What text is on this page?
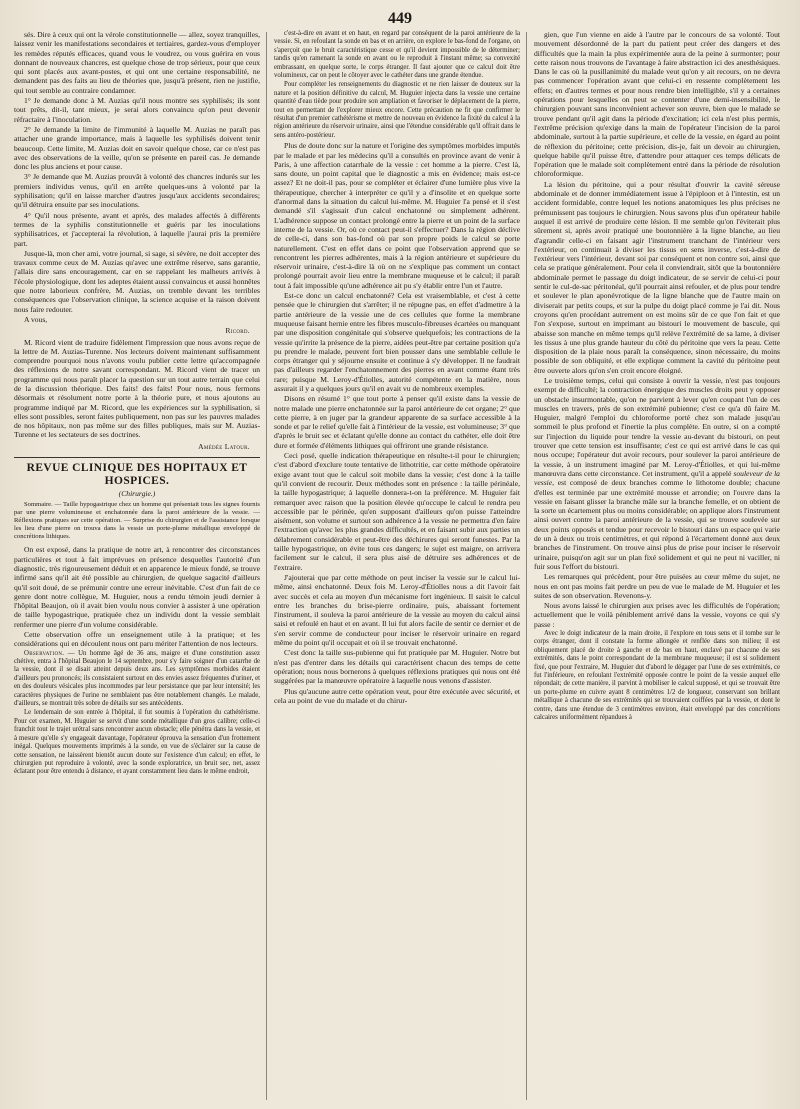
449

sés. Dire à ceux qui ont la vérole constitutionnelle — allez, soyez tranquilles, laissez venir les manifestations secondaires et tertiaires, gardez-vous d'employer les remèdes réputés efficaces, quand vous le voudrez, ou vous guérira en vous donnant de nouveaux chancres, est quelque chose de trop sérieux, pour que ceux qui sont placés aux avant-postes, et qui ont une certaine responsabilité, ne demandent pas des faits au lieu de théories que, jusqu'à présent, rien ne justifie, qui tout semble au contraire condamner.

1° Je demande donc à M. Auzias qu'il nous montre ses syphilisés; ils sont tout prêts, dit-il, tant mieux, je serai alors convaincu qu'on peut devenir réfractaire à l'inoculation.

2° Je demande la limite de l'immunité à laquelle M. Auzias ne paraît pas attacher une grande importance, mais à laquelle les syphilisés doivent tenir beaucoup. Cette limite, M. Auzias doit en savoir quelque chose, car ce n'est pas avec des observations de la veille, qu'on se présente en pareil cas. Je demande donc les plus anciens et pour cause.

3° Je demande que M. Auzias prouvât à volonté des chancres indurés sur les premiers individus venus, qu'il en arrête quelques-uns à volonté par la syphilisation; qu'il en laisse marcher d'autres jusqu'aux accidents secondaires; qu'il détruira ensuite par ses inoculations.

4° Qu'il nous présente, avant et après, des malades affectés à différents termes de la syphilis constitutionnelle et guéris par les inoculations syphilisatrices, et j'accepterai la révolution, à laquelle j'aurai pris la première part.

Jusque-là, mon cher ami, votre journal, si sage, si sévère, ne doit accepter des travaux comme ceux de M. Auzias qu'avec une extrême réserve, sans garantie, j'allais dire sans encouragement, car en se rappelant les malheurs arrivés à l'école physiologique, dont les adeptes étaient aussi convaincus et aussi honnêtes que notre laborieux confrère, M. Auzias, on tremble devant les terribles conséquences que l'observation clinique, la science acquise et la raison doivent nous faire redouter.

A vous,

Ricord.

M. Ricord vient de traduire fidèlement l'impression que nous avons reçue de la lettre de M. Auzias-Turenne. Nos lecteurs doivent maintenant suffisamment comprendre pourquoi nous n'avons voulu publier cette lettre qu'accompagnée des réflexions de notre savant correspondant. M. Ricord vient de tracer un programme qui nous paraît placer la question sur un tout autre terrain que celui de la discussion théorique. Des faits! des faits! Pour nous, nous fermons désormais et résolument notre porte à la théorie pure, et nous ajoutons au programme indiqué par M. Ricord, que les expériences sur la syphilisation, si elles sont possibles, seront faites publiquement, non pas sur les pauvres malades de nos hôpitaux, non pas même sur des filles publiques, mais sur M. Auzias-Turenne et les sectateurs de ses doctrines.

Amédée Latour.

REVUE CLINIQUE DES HOPITAUX ET HOSPICES.
(Chirurgie.)

Sommaire. — Taille hypogastrique chez un homme qui présentait tous les signes fournis par une pierre volumineuse et enchatonnée dans la paroi antérieure de la vessie. — Réflexions pratiques sur cette opération. — Surprise du chirurgien et de l'assistance lorsque les lieu d'une pierre on trouva dans la vessie un porte-plume métallique enveloppé de concrétions lithiques.

On est exposé, dans la pratique de notre art, à rencontrer des circonstances particulières et tout à fait imprévues en présence desquelles l'autorité d'un diagnostic, très rigoureusement déduit et en apparence le mieux fondé, se trouve infirmé sans qu'il ait été possible au chirurgien, de quelque sagacité d'ailleurs qu'il soit doué, de se prémunir contre une erreur inévitable. C'est d'un fait de ce genre dont notre collègue, M. Huguier, nous a rendu témoin jeudi dernier à l'hôpital Beaujon, où il avait bien voulu nous convier à assister à une opération de taille hypogastrique, pratiquée chez un individu dont la vessie semblait renfermer une pierre d'un volume considérable.

Cette observation offre un enseignement utile à la pratique; et les considérations qui en découlent nous ont paru mériter l'attention de nos lecteurs.

Observation. — Un homme âgé de 36 ans, maigre et d'une constitution assez chétive, entra à l'hôpital Beaujon le 14 septembre, pour s'y faire soigner d'un catarrhe de la vessie, dont il se disait atteint depuis deux ans. Les symptômes morbides étaient d'ailleurs peu prononcés; ils consistaient surtout en des envies assez fréquentes d'uriner, et en des douleurs vésicales plus incommodes par leur persistance que par leur intensité; les caractères physiques de l'urine ne semblaient pas être notablement changés. Le malade, d'ailleurs, se montrait très sobre de détails sur ses antécédents.

Le lendemain de son entrée à l'hôpital, il fut soumis à l'opération du cathétérisme. Pour cet examen, M. Huguier se servit d'une sonde métallique d'un gros calibre; celle-ci franchit tout le trajet urétral sans rencontrer aucun obstacle; elle pénétra dans la vessie, et à mesure qu'elle s'y engageait davantage, l'opérateur éprouva la sensation d'un frottement inégal. Quelques mouvements imprimés à la sonde, en vue de s'éclairer sur la cause de cette sensation, ne laissèrent bientôt aucun doute sur l'existence d'un calcul; en effet, le chirurgien put reproduire à volonté, avec la sonde exploratrice, un bruit sec, net, assez éclatant pour être entendu à distance, et ayant constamment lieu dans le même endroit,

c'est-à-dire en avant et en haut, en regard par conséquent de la paroi antérieure de la vessie. Si, en refoulant la sonde en bas et en arrière, on explore le bas-fond de l'organe, on s'aperçoit que le bruit caractéristique cesse et qu'il devient impossible de le déterminer; tandis qu'en ramenant la sonde en avant ou le reproduit à l'instant même; sa convexité embrassant, en quelque sorte, le corps étranger. Il faut ajouter que ce calcul doit être volumineux, car on peut le côtoyer avec le cathéter dans une grande étendue.

Pour compléter les renseignements du diagnostic et ne rien laisser de douteux sur la nature et la position définitive du calcul, M. Huguier injecta dans la vessie une certaine quantité d'eau tiède pour produire son ampliation et favoriser le déplacement de la pierre, tout en permettant de l'explorer mieux encore. Cette précaution ne fit que confirmer le résultat d'un premier cathétérisme et mettre de nouveau en évidence la fixité du calcul à la région antérieure du réservoir urinaire, ainsi que l'étendue considérable qu'il offrait dans le sens antéro-postérieur.

Plus de doute donc sur la nature et l'origine des symptômes morbides imputés par le malade et par les médecins qu'il a consultés en province avant de venir à Paris, à une affection catarrhale de la vessie : cet homme a la pierre. C'est là, sans doute, un point capital que le diagnostic a mis en évidence; mais est-ce assez? Et ne doit-il pas, pour se compléter et éclairer d'une lumière plus vive la thérapeutique, chercher à interpréter ce qu'il y a d'insolite et en quelque sorte d'anormal dans la situation du calcul lui-même. M. Huguier l'a pensé et il s'est demandé s'il s'agissait d'un calcul enchatonné ou simplement adhérent. L'adhérence suppose un contact prolongé entre la pierre et un point de la surface interne de la vessie. Or, où ce contact peut-il s'effectuer? Dans la région déclive de celle-ci, dans son bas-fond où par son propre poids le calcul se porte naturellement. C'est en effet dans ce point que l'observation apprend que se rencontrent les pierres adhérentes, mais à la région antérieure et supérieure du réservoir urinaire, c'est-à-dire là où on ne s'explique pas comment un contact prolongé pourrait avoir lieu entre la membrane muqueuse et le calcul; il paraît tout à fait impossible qu'une adhérence ait pu s'y établir entre l'un et l'autre.

Est-ce donc un calcul enchatonné? Cela est vraisemblable, et c'est à cette pensée que le chirurgien dut s'arrêter; il ne répugne pas, en effet d'admettre à la partie antérieure de la vessie une de ces cellules que forme la membrane muqueuse faisant hernie entre les fibres musculo-fibreuses écartées ou manquant par une disposition congénitale qui s'observe quelquefois; les contractions de la vessie qu'irrite la présence de la pierre, aidées peut-être par certaine position qu'a pu prendre le malade, peuvent fort bien pousser dans une semblable cellule le corps étranger qui y séjourne ensuite et continue à s'y développer. Il ne faudrait pas d'ailleurs regarder l'enchatonnement des pierres en avant comme étant très rare; puisque M. Leroy-d'Étiolles, autorité compétente en la matière, nous assurait il y a quelques jours qu'il en avait vu de nombreux exemples.

Disons en résumé 1° que tout porte à penser qu'il existe dans la vessie de notre malade une pierre enchatonnée sur la paroi antérieure de cet organe; 2° que cette pierre, à en juger par la grandeur apparente de sa surface accessible à la sonde et par le relief qu'elle fait à l'intérieur de la vessie, est volumineuse; 3° que d'après le bruit sec et éclatant qu'elle donne au contact du cathéter, elle doit être dure et formée d'éléments lithiques qui offriront une grande résistance.

Ceci posé, quelle indication thérapeutique en résulte-t-il pour le chirurgien; c'est d'abord d'exclure toute tentative de lithotritie, car cette méthode opératoire exige avant tout que le calcul soit mobile dans la vessie; c'est donc à la taille qu'il convient de recourir. Deux méthodes sont en présence : la taille périnéale, la taille hypogastrique; à laquelle donnera-t-on la préférence. M. Huguier fait remarquer avec raison que la position élevée qu'occupe le calcul le rendra peu accessible par le périnée, qu'en supposant d'ailleurs qu'on puisse l'atteindre aisément, son volume et surtout son adhérence à la vessie ne permettra d'en faire l'extraction qu'avec les plus grandes difficultés, et en faisant subir aux parties un délabrement considérable et peut-être des déchirures qui seront funestes. Par la taille hypogastrique, on évite tous ces dangers; le sujet est maigre, on arrivera facilement sur le calcul, il sera plus aisé de détruire ses adhérences et de l'extraire.

J'ajouterai que par cette méthode on peut inciser la vessie sur le calcul lui-même, ainsi enchatonné. Deux fois M. Leroy-d'Étiolles nous a dit l'avoir fait avec succès et cela au moyen d'un mécanisme fort ingénieux. Il saisit le calcul entre les branches du brise-pierre ordinaire, puis, abaissant fortement l'instrument, il souleva la paroi antérieure de la vessie au moyen du calcul ainsi saisi et refoulé en haut et en avant. Il lui fut alors facile de sentir ce dernier et de s'en servir comme de conducteur pour inciser le réservoir urinaire en regard même du point qu'il occupait et où il se trouvait enchatonné.

C'est donc la taille sus-pubienne qui fut pratiquée par M. Huguier. Notre but n'est pas d'entrer dans les détails qui caractérisent chacun des temps de cette opération; nous nous bornerons à quelques réflexions pratiques qui nous ont été suggérées par la manœuvre opératoire à laquelle nous venons d'assister.

Plus qu'aucune autre cette opération veut, pour être exécutée avec sécurité, et cela au point de vue du malade et du chirur-

gien, que l'un vienne en aide à l'autre par le concours de sa volonté. Tout mouvement désordonné de la part du patient peut créer des dangers et des difficultés que la main la plus expérimentée aura de la peine à surmonter; pour cette raison nous trouvons de l'avantage à faire abstraction ici des anesthésiques. Dans le cas où la pusillanimité du malade veut qu'on y ait recours, on ne devra pas commencer l'opération avant que celui-ci en ressente complètement les effets; en d'autres termes et pour nous rendre bien intelligible, s'il y a certaines opérations pour lesquelles on peut se contenter d'une demi-insensibilité, le chirurgien pouvant sans inconvénient achever son œuvre, bien que le malade se trouve pendant qu'il agit dans la période d'excitation; ici cela n'est plus permis, l'extrême précision qu'exige dans la main de l'opérateur l'incision de la paroi abdominale, surtout à la partie supérieure, et celle de la vessie, en égard au point de réflexion du péritoine; cette précision, dis-je, fait un devoir au chirurgien, quelque habile qu'il puisse être, d'attendre pour attaquer ces temps délicats de l'opération que le malade soit complètement entré dans la période de résolution chloroformique.

La lésion du péritoine, qui a pour résultat d'ouvrir la cavité séreuse abdominale et de donner immédiatement issue à l'épiploon et à l'intestin, est un accident formidable, contre lequel les notions anatomiques les plus précises ne prémunissent pas toujours le chirurgien. Nous savons plus d'un opérateur habile auquel il est arrivé de produire cette lésion. Il me semble qu'on l'éviterait plus sûrement si, après avoir pratiqué une boutonnière à la ligne blanche, au lieu d'agrandir celle-ci en faisant agir l'instrument tranchant de l'intérieur vers l'extérieur, on continuait à diviser les tissus en sens inverse, c'est-à-dire de l'extérieur vers l'intérieur, devant soi par conséquent et non contre soi, ainsi que cela se pratique généralement. Pour cela il conviendrait, sitôt que la boutonnière abdominale permet le passage du doigt indicateur, de se servir de celui-ci pour sentir le cul-de-sac péritonéal, qu'il pourrait ainsi refouler, et de plus pour tendre et soulever le plan aponévrotique de la ligne blanche que de l'autre main on diviserait par petits coups, et sur la pulpe du doigt placé comme je l'ai dit. Nous croyons qu'en procédant autrement on est moins sûr de ce que l'on fait et que l'on s'expose, surtout en imprimant au bistouri le mouvement de bascule, qui abaisse son manche en même temps qu'il relève l'extrémité de sa lame, à diviser les tissus à une plus grande hauteur du côté du péritoine que vers la peau. Cette disposition de la plaie nous paraît la conséquence, sinon nécessaire, du moins possible de son obliquité, et elle explique comment la cavité du péritoine peut être ouverte alors qu'on s'en croit encore éloigné.

Le troisième temps, celui qui consiste à ouvrir la vessie, n'est pas toujours exempt de difficulté; la contraction énergique des muscles droits peut y opposer un obstacle insurmontable, qu'on ne parvient à lever qu'en coupant l'un de ces muscles en travers, près de son extrémité pubienne; c'est ce qu'a dû faire M. Huguier, malgré l'emploi du chloroforme porté chez son malade jusqu'au sommeil le plus profond et l'inertie la plus complète. En outre, si on a compté sur l'injection du liquide pour tendre la vessie au-devant du bistouri, on peut trouver que cette tension est insuffisante; c'est ce qui est arrivé dans le cas qui nous occupe; l'opérateur dut avoir recours, pour soulever la paroi antérieure de la vessie, à un instrument imaginé par M. Leroy-d'Étiolles, et qui lui-même manœuvra dans cette circonstance. Cet instrument, qu'il a appelé souleveur de la vessie, est composé de deux branches comme le lithotome double; chacune d'elles est terminée par une extrémité mousse et arrondie; on l'ouvre dans la vessie en faisant glisser la branche mâle sur la branche femelle, et on obtient de la sorte un écartement plus ou moins considérable; on applique alors l'instrument ainsi ouvert contre la paroi antérieure de la vessie, qui se trouve soulevée sur deux points opposés et tendue pour recevoir le bistouri dans un espace qui varie de un à deux ou trois centimètres, et qui répond à l'écartement donné aux deux branches de l'instrument. On trouve ainsi plus de prise pour inciser le réservoir urinaire, puisqu'on agit sur un plan fixé solidement et qui ne peut ni vaciller, ni fuir sous l'effort du bistouri.

Les remarques qui précèdent, pour être puisées au cœur même du sujet, ne nous en ont pas moins fait perdre un peu de vue le malade de M. Huguier et les suites de son observation. Revenons-y.

Nous avons laissé le chirurgien aux prises avec les difficultés de l'opération; actuellement que le voilà péniblement arrivé dans la vessie, voyons ce qui s'y passe :

Avec le doigt indicateur de la main droite, il l'explore en tous sens et il tombe sur le corps étranger, dont il constate la forme allongée et renflée dans son milieu; il est obliquement placé de droite à gauche et de bas en haut, enclavé par chacune de ses extrémités, dans le point correspondant de la membrane muqueuse; il est si solidement fixé, que pour l'extraire, M. Huguier dut d'abord le dégager par l'une de ses extrémités, ce fut l'inférieure, en refoulant l'extrémité opposée contre le point de la vessie auquel elle répondait; de cette manière, il parvint à mobiliser le calcul supposé, et qui se trouvait être un porte-plume en cuivre ayant 8 centimètres 1/2 de longueur, conservant son brillant métallique à chacune de ses extrémités qui se trouvaient coiffées par la vessie, et dont le centre, dans une étendue de 3 centimètres environ, était enveloppé par des concrétions calcaires uniformément répandues à
